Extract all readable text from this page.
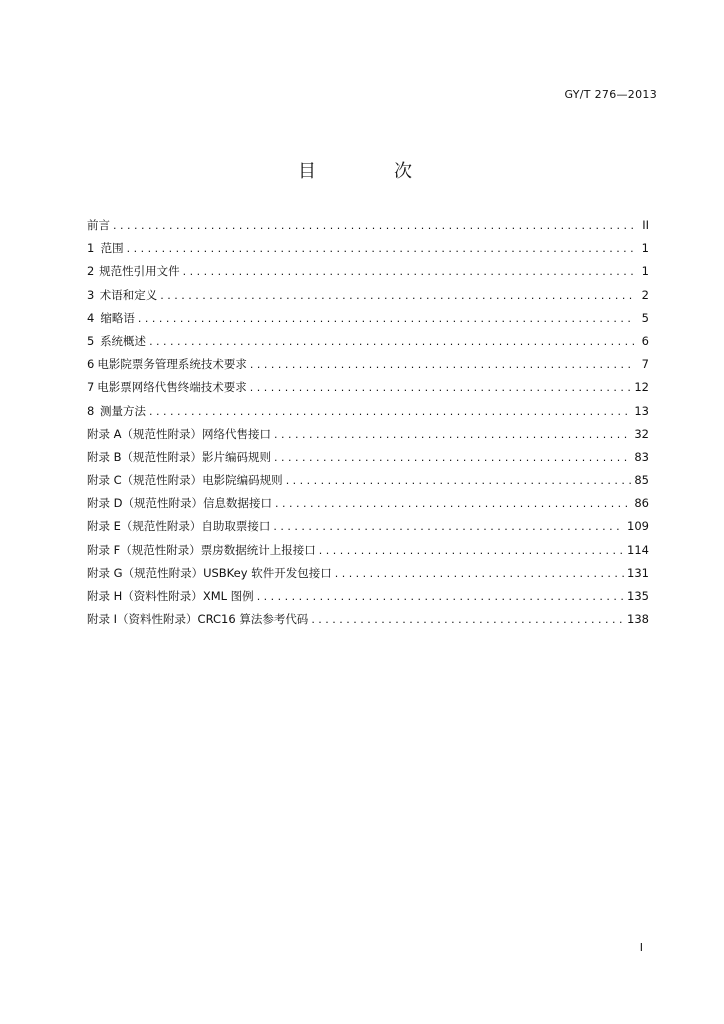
GY/T 276—2013
目　次
前言 . . .	II
1 范围 . . .	1
2 规范性引用文件 . . .	1
3 术语和定义 . . .	2
4 缩略语 . . .	5
5 系统概述 . . .	6
6 电影院票务管理系统技术要求 . . .	7
7 电影票网络代售终端技术要求 . . .	12
8 测量方法 . . .	13
附录 A（规范性附录） 网络代售接口 . . .	32
附录 B（规范性附录） 影片编码规则 . . .	83
附录 C（规范性附录） 电影院编码规则 . . .	85
附录 D（规范性附录） 信息数据接口 . . .	86
附录 E（规范性附录） 自助取票接口 . . .	109
附录 F（规范性附录） 票房数据统计上报接口 . . .	114
附录 G（规范性附录） USBKey 软件开发包接口 . . .	131
附录 H（资料性附录） XML 图例 . . .	135
附录 I（资料性附录） CRC16 算法参考代码 . . .	138
I
